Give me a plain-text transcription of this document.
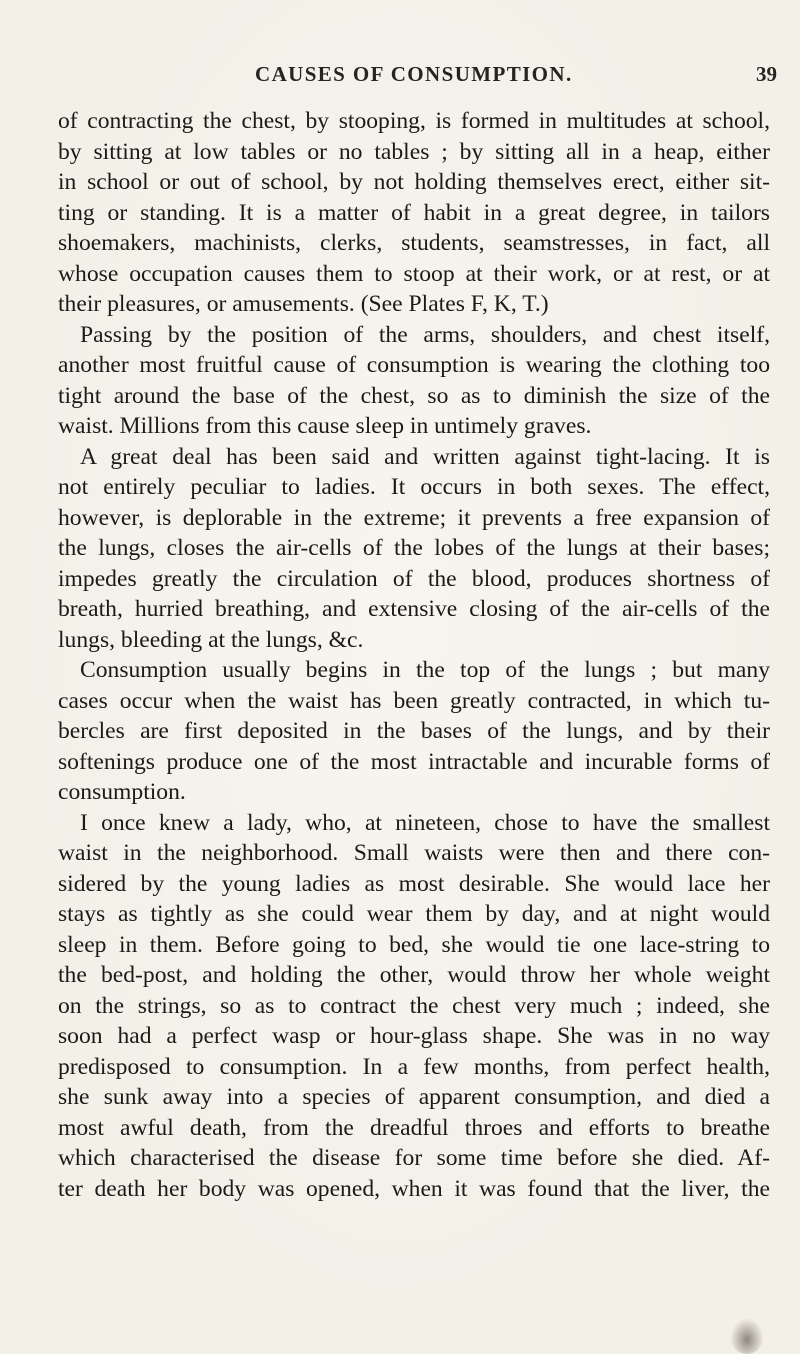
CAUSES OF CONSUMPTION.	39
of contracting the chest, by stooping, is formed in multitudes at school,
by sitting at low tables or no tables ; by sitting all in a heap, either
in school or out of school, by not holding themselves erect, either sit-
ting or standing. It is a matter of habit in a great degree, in tailors
shoemakers, machinists, clerks, students, seamstresses, in fact, all
whose occupation causes them to stoop at their work, or at rest, or at
their pleasures, or amusements. (See Plates F, K, T.)
Passing by the position of the arms, shoulders, and chest itself,
another most fruitful cause of consumption is wearing the clothing too
tight around the base of the chest, so as to diminish the size of the
waist. Millions from this cause sleep in untimely graves.
A great deal has been said and written against tight-lacing. It is
not entirely peculiar to ladies. It occurs in both sexes. The effect,
however, is deplorable in the extreme; it prevents a free expansion of
the lungs, closes the air-cells of the lobes of the lungs at their bases;
impedes greatly the circulation of the blood, produces shortness of
breath, hurried breathing, and extensive closing of the air-cells of the
lungs, bleeding at the lungs, &c.
Consumption usually begins in the top of the lungs ; but many
cases occur when the waist has been greatly contracted, in which tu-
bercles are first deposited in the bases of the lungs, and by their
softenings produce one of the most intractable and incurable forms of
consumption.
I once knew a lady, who, at nineteen, chose to have the smallest
waist in the neighborhood. Small waists were then and there con-
sidered by the young ladies as most desirable. She would lace her
stays as tightly as she could wear them by day, and at night would
sleep in them. Before going to bed, she would tie one lace-string to
the bed-post, and holding the other, would throw her whole weight
on the strings, so as to contract the chest very much ; indeed, she
soon had a perfect wasp or hour-glass shape. She was in no way
predisposed to consumption. In a few months, from perfect health,
she sunk away into a species of apparent consumption, and died a
most awful death, from the dreadful throes and efforts to breathe
which characterised the disease for some time before she died. Af-
ter death her body was opened, when it was found that the liver, the
